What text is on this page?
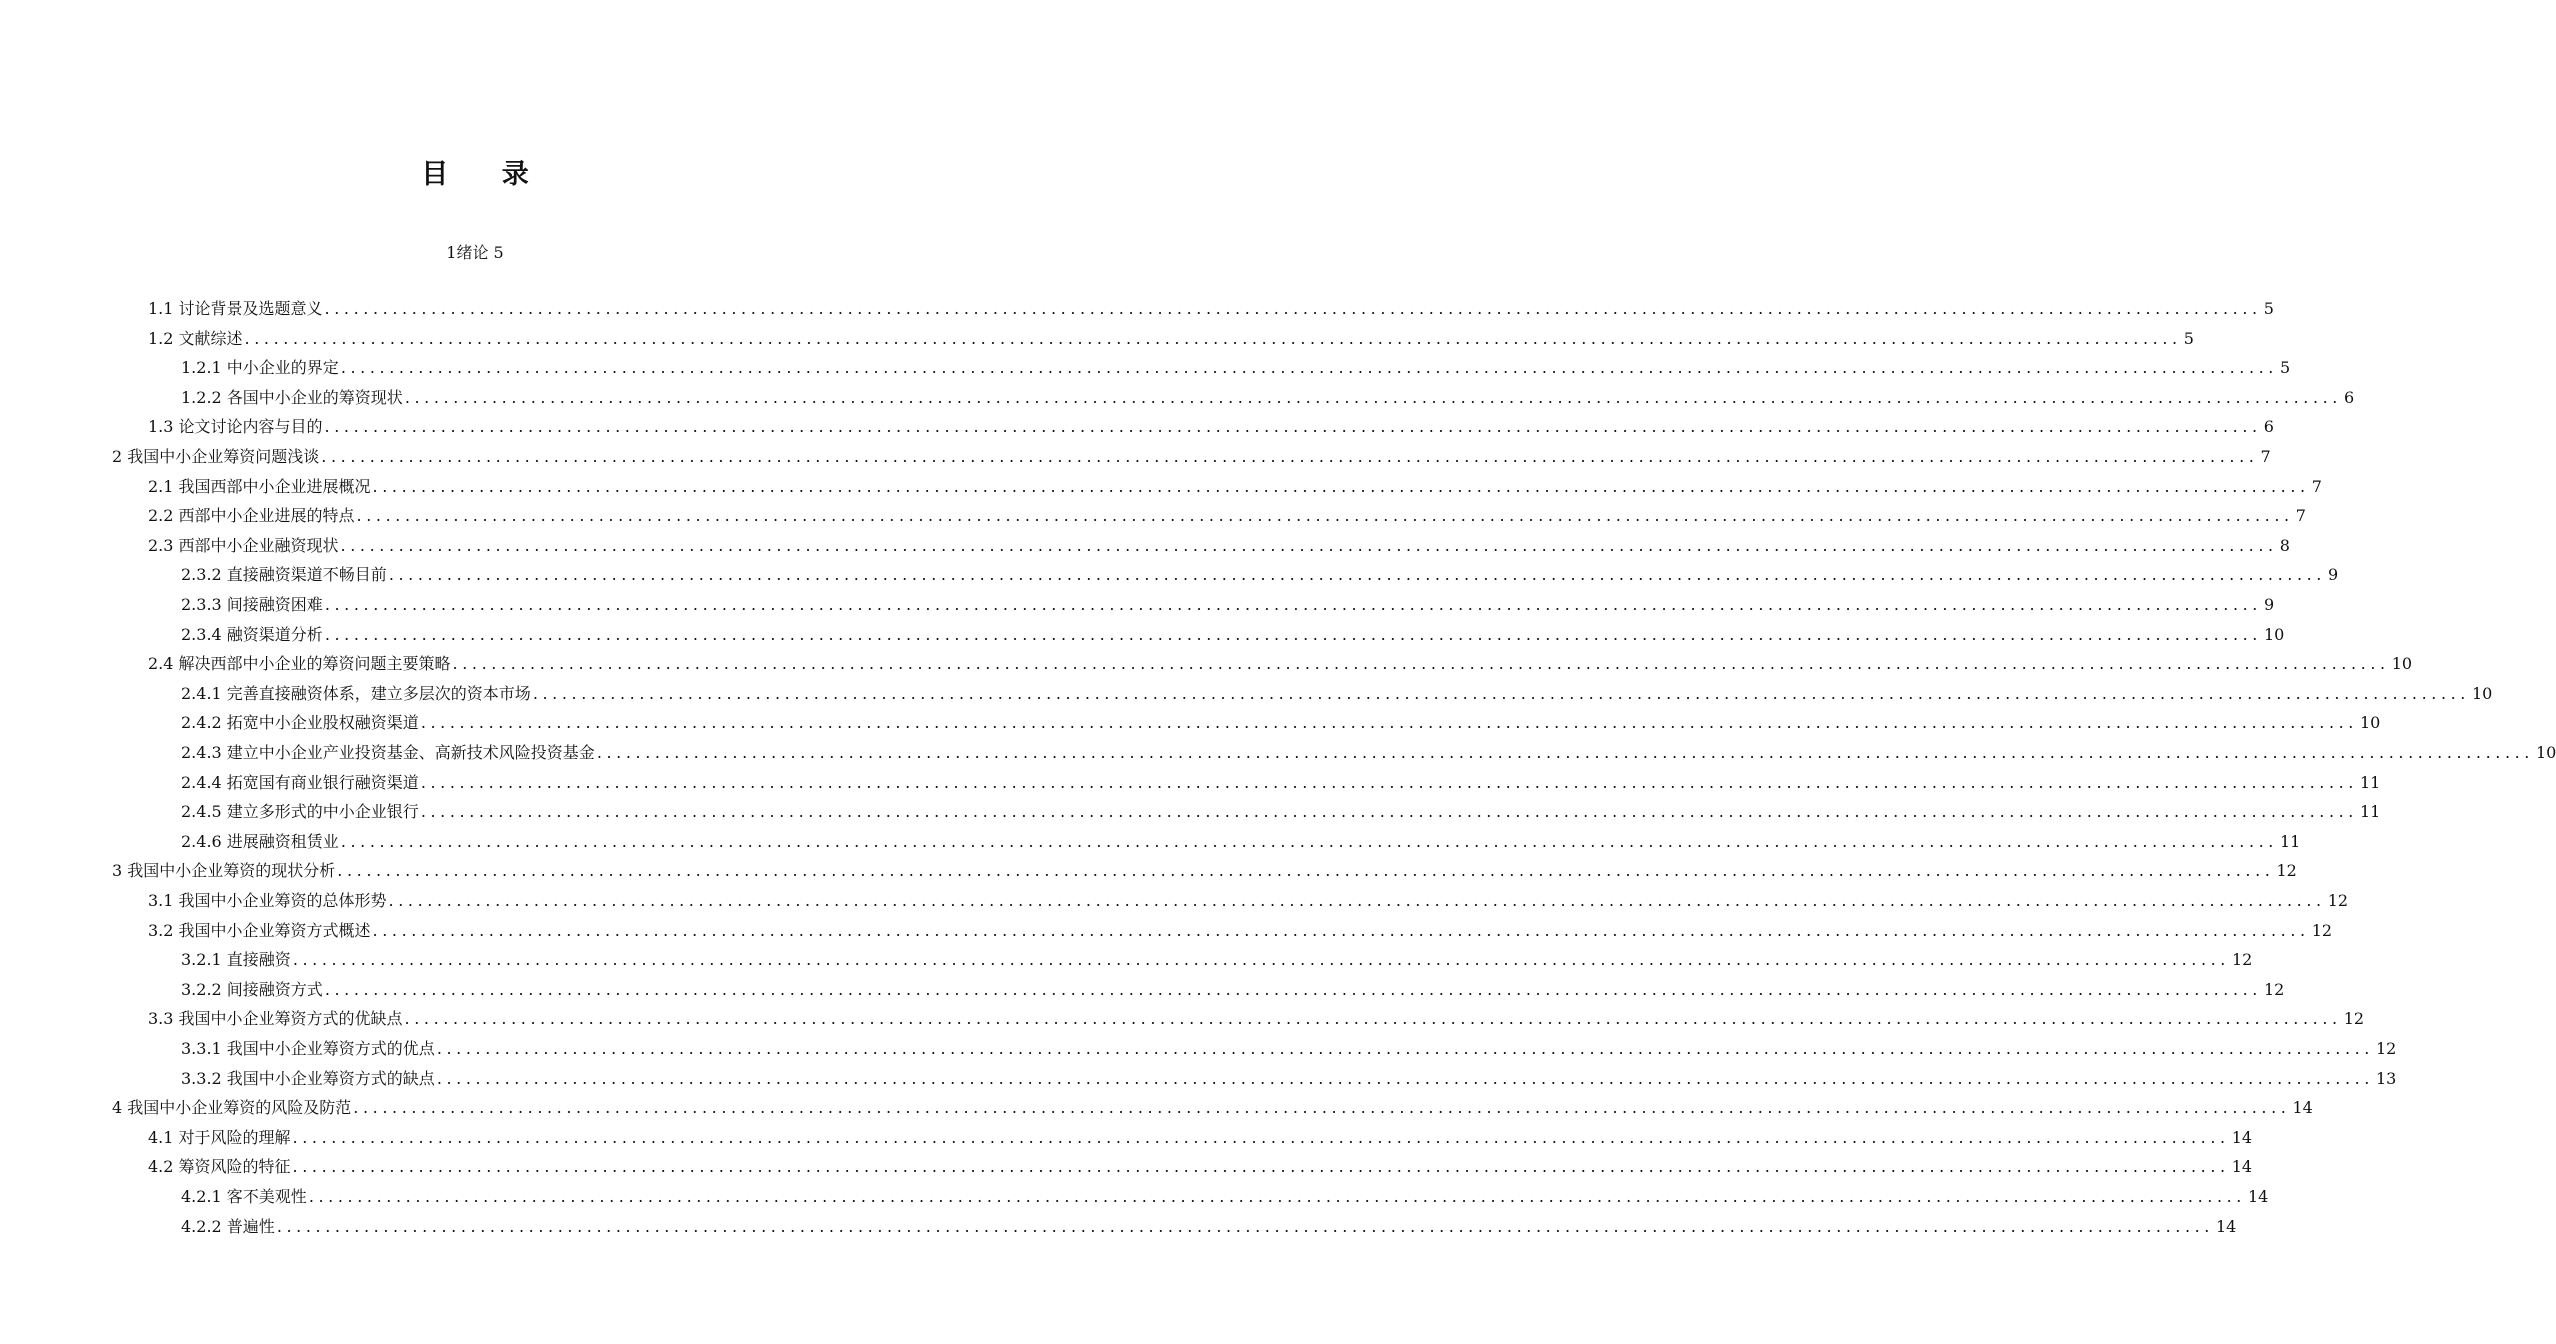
目 录
1绪论 5
1.1 讨论背景及选题意义 ........................................................................................................................................................................................................ 5
1.2 文献综述 ........................................................................................................................................................................................................ 5
1.2.1 中小企业的界定 ........................................................................................................................................................................................................ 5
1.2.2 各国中小企业的筹资现状 ........................................................................................................................................................................................................ 6
1.3 论文讨论内容与目的 ........................................................................................................................................................................................................ 6
2 我国中小企业筹资问题浅谈 ........................................................................................................................................................................................................ 7
2.1 我国西部中小企业进展概况 ........................................................................................................................................................................................................ 7
2.2 西部中小企业进展的特点 ........................................................................................................................................................................................................ 7
2.3 西部中小企业融资现状 ........................................................................................................................................................................................................ 8
2.3.2 直接融资渠道不畅目前 ........................................................................................................................................................................................................ 9
2.3.3 间接融资困难 ........................................................................................................................................................................................................ 9
2.3.4 融资渠道分析 ........................................................................................................................................................................................................ 10
2.4 解决西部中小企业的筹资问题主要策略 ........................................................................................................................................................................................................ 10
2.4.1 完善直接融资体系，建立多层次的资本市场 ........................................................................................................................................................................................................ 10
2.4.2 拓宽中小企业股权融资渠道 ........................................................................................................................................................................................................ 10
2.4.3 建立中小企业产业投资基金、高新技术风险投资基金 ........................................................................................................................................................................................................ 10
2.4.4 拓宽国有商业银行融资渠道 ........................................................................................................................................................................................................ 11
2.4.5 建立多形式的中小企业银行 ........................................................................................................................................................................................................ 11
2.4.6 进展融资租赁业 ........................................................................................................................................................................................................ 11
3 我国中小企业筹资的现状分析 ........................................................................................................................................................................................................ 12
3.1 我国中小企业筹资的总体形势 ........................................................................................................................................................................................................ 12
3.2 我国中小企业筹资方式概述 ........................................................................................................................................................................................................ 12
3.2.1 直接融资 ........................................................................................................................................................................................................ 12
3.2.2 间接融资方式 ........................................................................................................................................................................................................ 12
3.3 我国中小企业筹资方式的优缺点 ........................................................................................................................................................................................................ 12
3.3.1 我国中小企业筹资方式的优点 ........................................................................................................................................................................................................ 12
3.3.2 我国中小企业筹资方式的缺点 ........................................................................................................................................................................................................ 13
4 我国中小企业筹资的风险及防范 ........................................................................................................................................................................................................ 14
4.1 对于风险的理解 ........................................................................................................................................................................................................ 14
4.2 筹资风险的特征 ........................................................................................................................................................................................................ 14
4.2.1 客不美观性 ........................................................................................................................................................................................................ 14
4.2.2 普遍性 ........................................................................................................................................................................................................ 14
